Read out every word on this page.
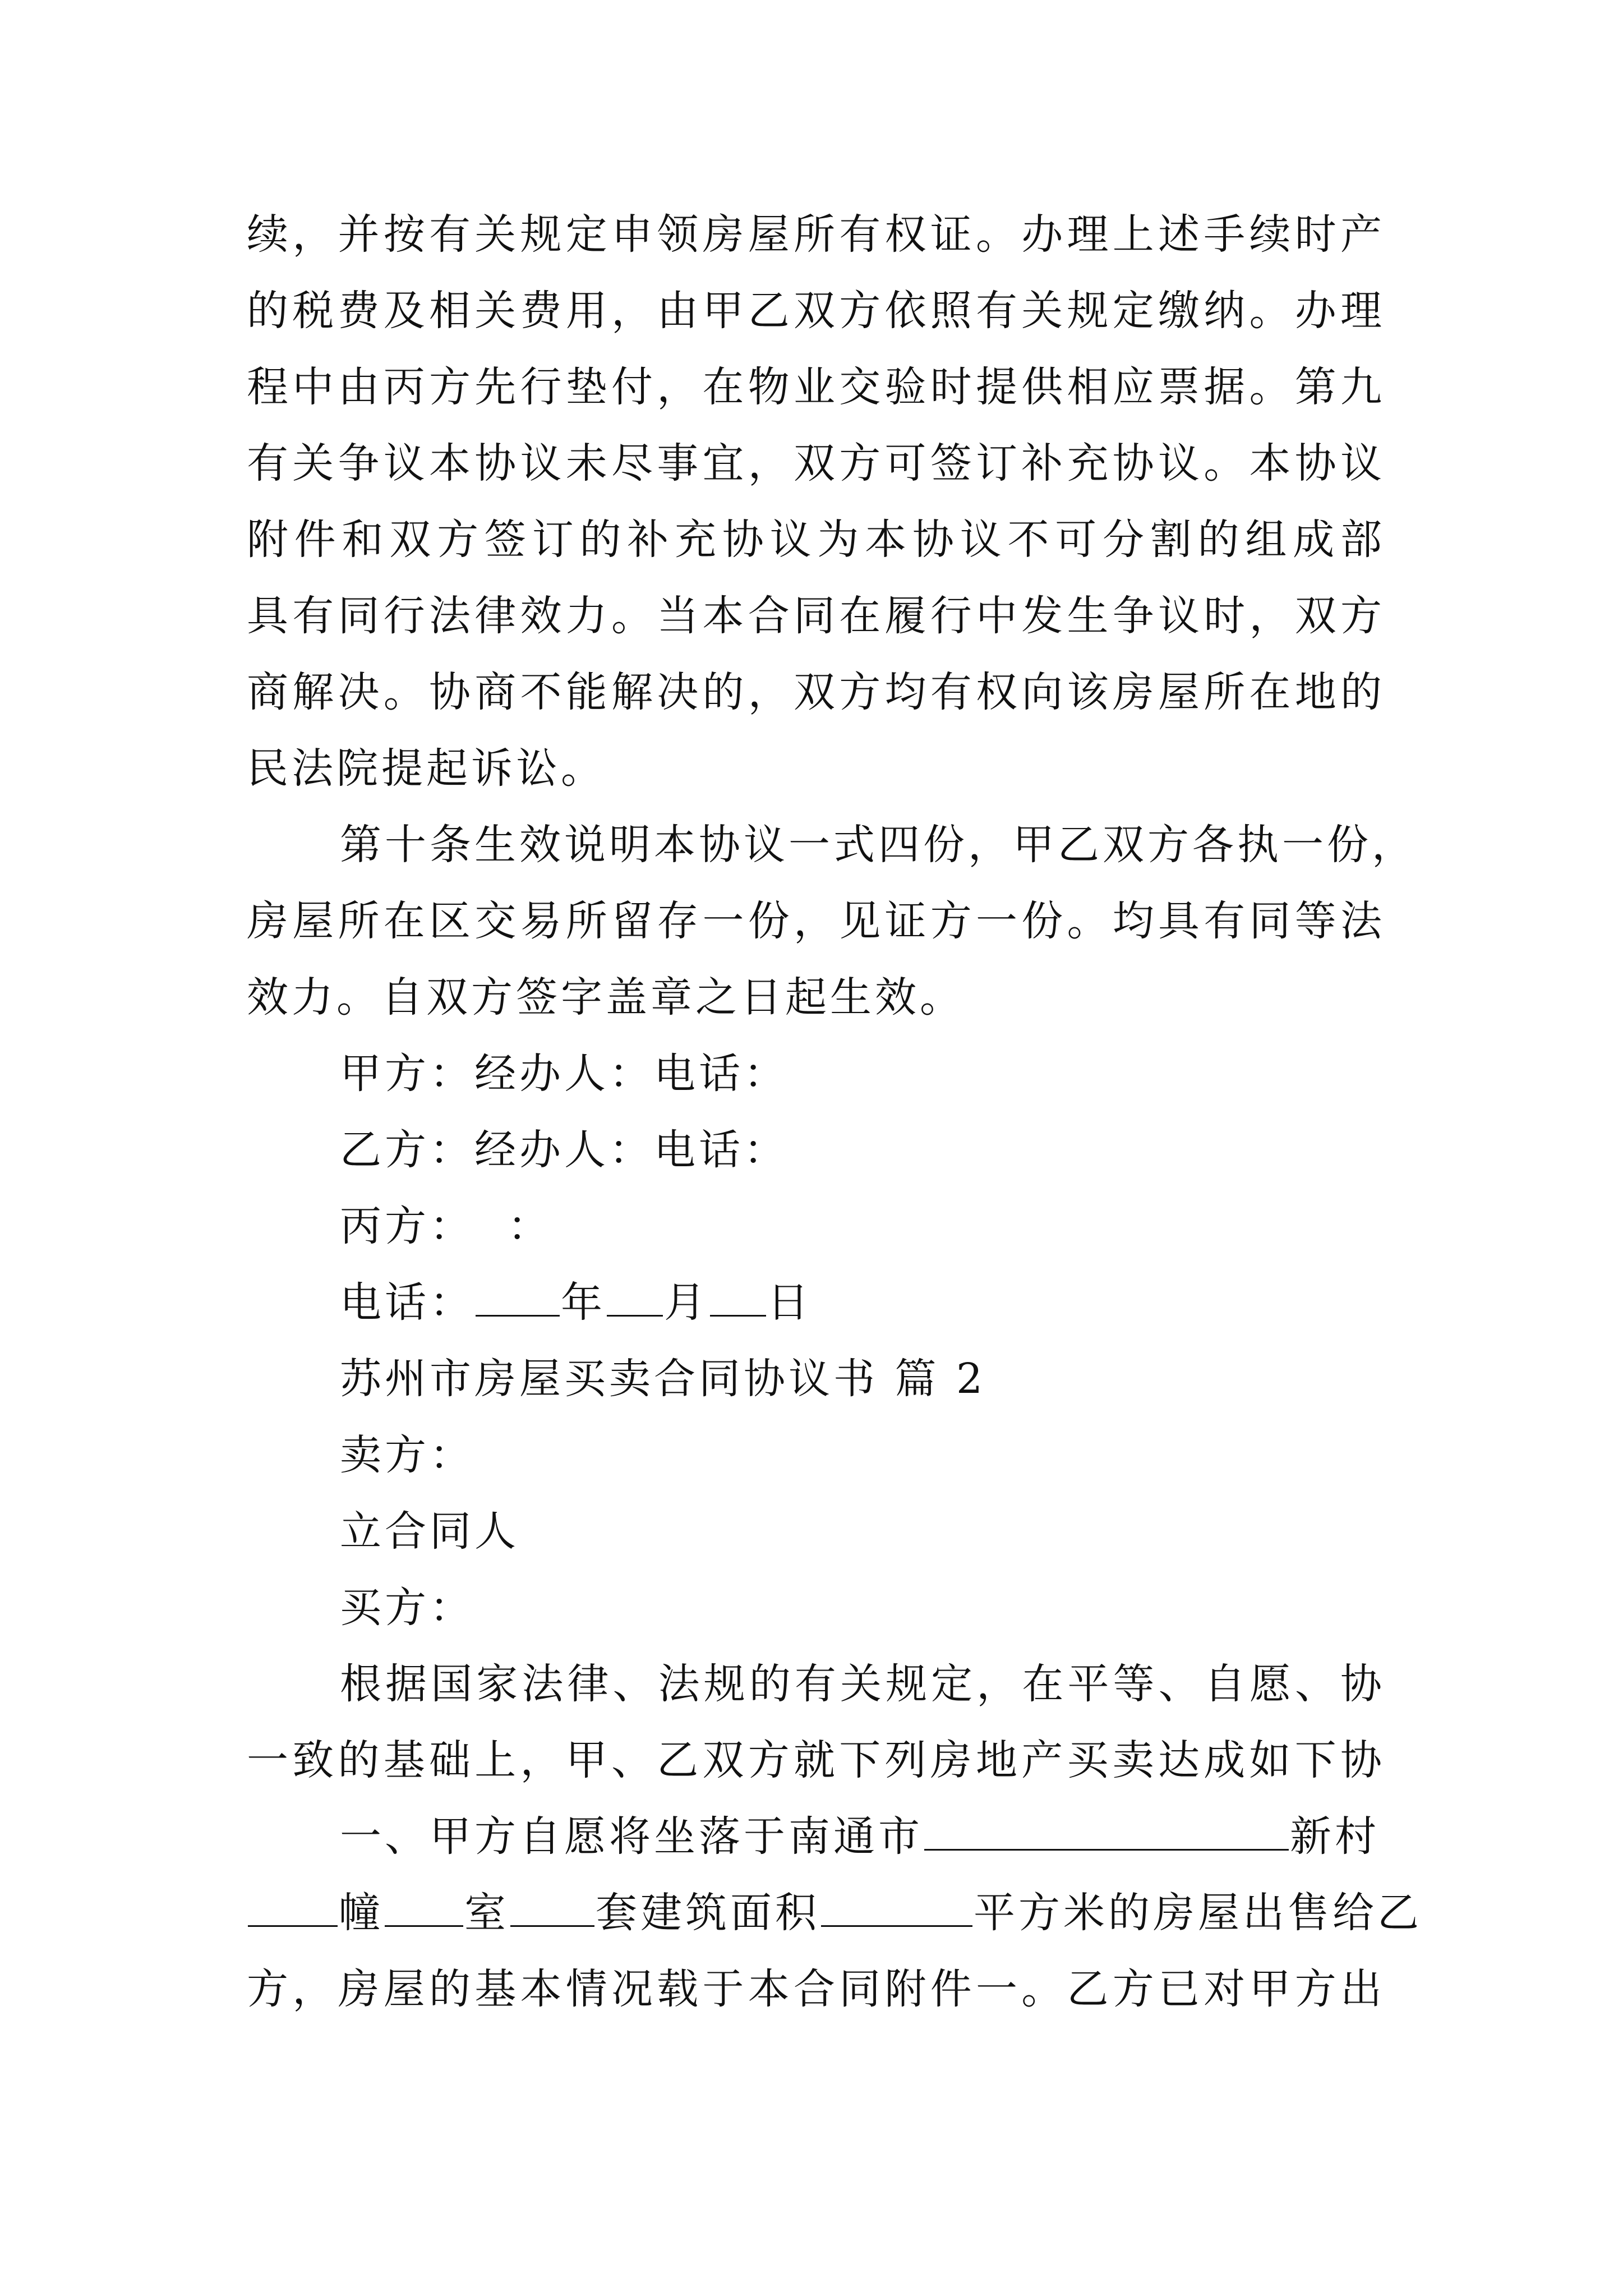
续，并按有关规定申领房屋所有权证。办理上述手续时产
的税费及相关费用，由甲乙双方依照有关规定缴纳。办理
程中由丙方先行垫付，在物业交验时提供相应票据。第九
有关争议本协议未尽事宜，双方可签订补充协议。本协议
附件和双方签订的补充协议为本协议不可分割的组成部
具有同行法律效力。当本合同在履行中发生争议时，双方
商解决。协商不能解决的，双方均有权向该房屋所在地的
民法院提起诉讼。
第十条生效说明本协议一式四份，甲乙双方各执一份，
房屋所在区交易所留存一份，见证方一份。均具有同等法
效力。自双方签字盖章之日起生效。
甲方：经办人：电话：
乙方：经办人：电话：
丙方：  ：
电话： 年 月 日
苏州市房屋买卖合同协议书 篇 2
卖方：
立合同人
买方：
根据国家法律、法规的有关规定，在平等、自愿、协
一致的基础上，甲、乙双方就下列房地产买卖达成如下协
一、甲方自愿将坐落于南通市	新村
幢 室 套建筑面积	平方米的房屋出售给乙
方，房屋的基本情况载于本合同附件一。乙方已对甲方出
